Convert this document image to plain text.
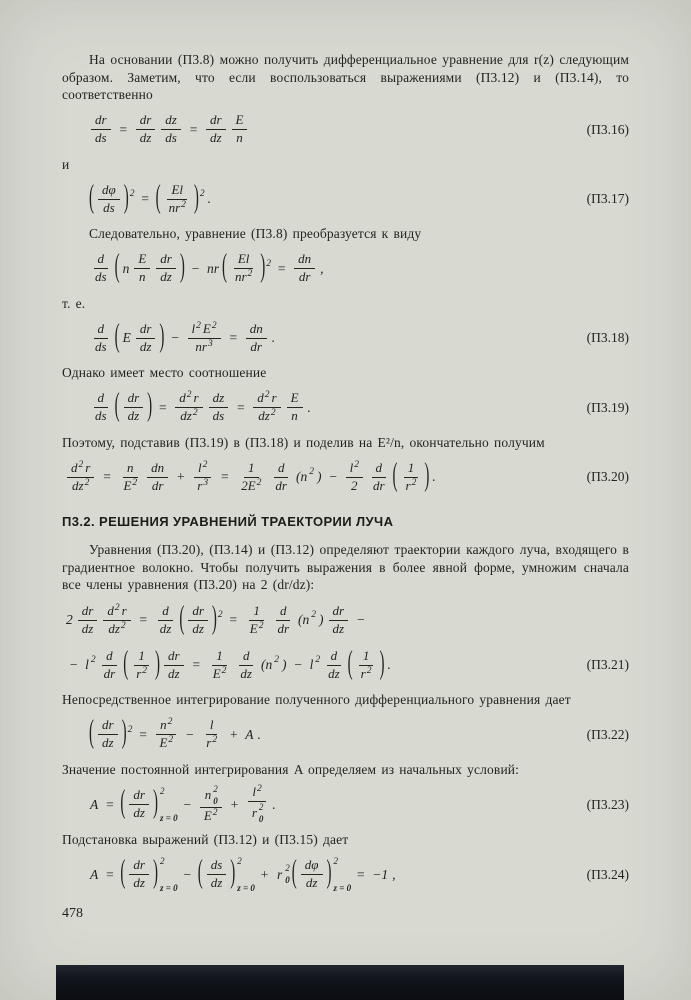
На основании (П3.8) можно получить дифференциальное уравнение для r(z) следующим образом. Заметим, что если воспользоваться выражениями (П3.12) и (П3.14), то соответственно

$\frac{dr}{ds} = \frac{dr}{dz} \frac{dz}{ds} = \frac{dr}{dz}$ E
n
(П3.16)

и

( dφ
ds ) 2 = ( El
nr 2 ) 2 .	(П3.17)

Следовательно, уравнение (П3.8) преобразуется к виду

d
ds ( n
E
n
dr
dz ) − nr ( El
nr 2 ) $2 = \frac{dn}{dr}$ ,

т. е.

d
ds ( E
dr
dz ) − $\frac{l 2 E 2}{nr 3} = \frac{dn}{dr}$ .	(П3.18)

Однако имеет место соотношение

d
ds ( dr
dz ) = $\frac{d 2 r}{dz 2} \frac{dz}{ds} = \frac{d 2 r}{dz 2}$ E
n
.	(П3.19)

Поэтому, подставив (П3.19) в (П3.18) и поделив на E²/n, окончательно получим

$\frac{d 2 r}{dz 2} = \frac{n}{E 2}$ dn
dr
+ $\frac{l 2}{r 3} = \frac{1}{2E 2}$ d
dr
(n 2 ) − $\frac{l 2}{2}$ d
dr ( 1
r 2 ) .	(П3.20)
П3.2. РЕШЕНИЯ УРАВНЕНИЙ ТРАЕКТОРИИ ЛУЧА

Уравнения (П3.20), (П3.14) и (П3.12) определяют траектории каждого луча, входящего в градиентное волокно. Чтобы получить выражения в более явной форме, умножим сначала все члены уравнения (П3.20) на 2 (dr/dz):

2
dr
dz $\frac{d 2 r}{dz 2} = \frac{d}{dz}$ ( dr
dz ) $2 = \frac{1}{E 2}$ d
dr
(n 2 )
dr
dz
−
− l 2 d
dr ( 1
r 2 ) $\frac{dr}{dz} = \frac{1}{E 2}$ d
dz
(n 2 ) − l 2 d
dz ( 1
r 2 ) .	(П3.21)

Непосредственное интегрирование полученного дифференциального уравнения дает

( dr
dz ) $2 = \frac{n 2}{E 2} - \frac{l}{r 2} + A$ .	(П3.22)

Значение постоянной интегрирования A определяем из начальных условий:

A = ( dr
dz ) 2
z = 0
− n 2
0
E 2 + l 2
r 2
0 .	(П3.23)

Подстановка выражений (П3.12) и (П3.15) дает

A = ( dr
dz ) 2
z = 0
− ( ds
dz ) 2
z = 0
+ r 2
0 ( dφ
dz ) 2
z = 0
= −1 ,	(П3.24)
478
